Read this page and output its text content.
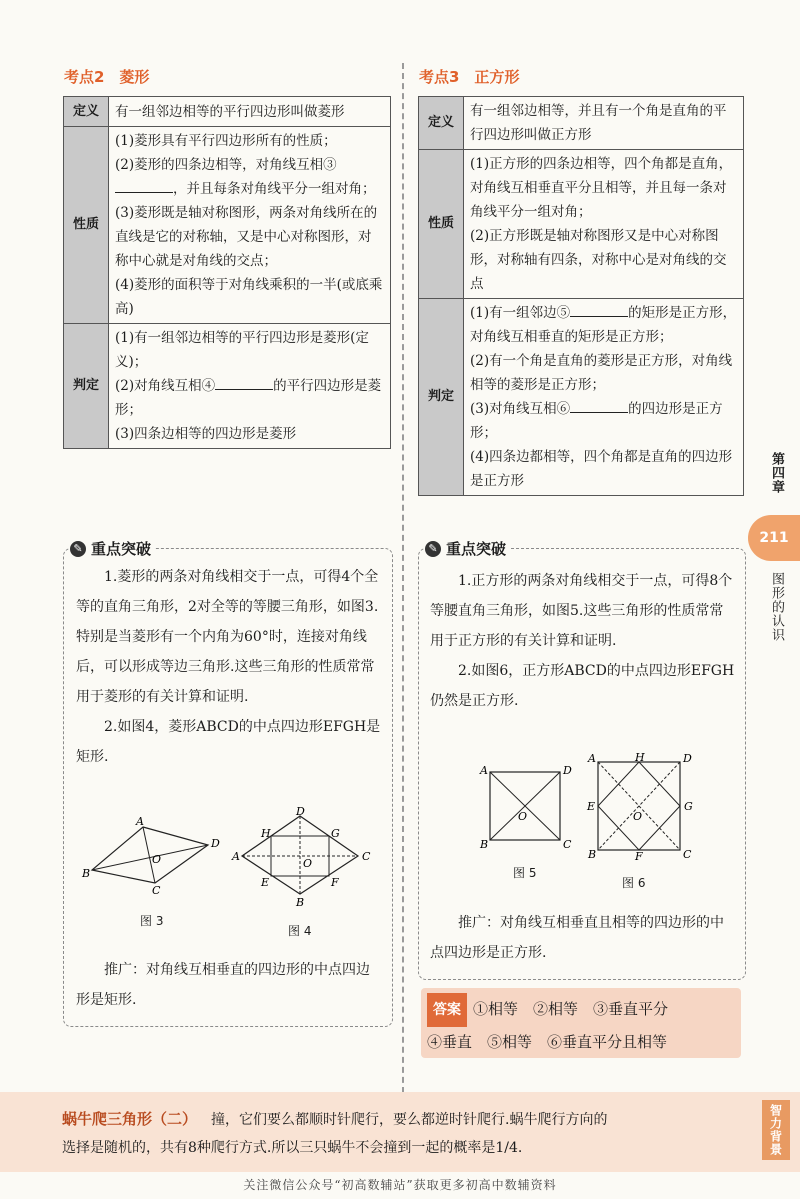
考点2　菱形	考点3　正方形
定义	有一组邻边相等的平行四边形叫做菱形
性质	(1)菱形具有平行四边形所有的性质；

(2)菱形的四条边相等，对角线互相③，并且每条对角线平分一组对角；

(3)菱形既是轴对称图形，两条对角线所在的直线是它的对称轴，又是中心对称图形，对称中心就是对角线的交点；

(4)菱形的面积等于对角线乘积的一半(或底乘高)

判定	(1)有一组邻边相等的平行四边形是菱形(定义)；

(2)对角线互相④ 的平行四边形是菱形；

(3)四条边相等的四边形是菱形

定义	有一组邻边相等，并且有一个角是直角的平行四边形叫做正方形
性质	(1)正方形的四条边相等，四个角都是直角，对角线互相垂直平分且相等，并且每一条对角线平分一组对角；

(2)正方形既是轴对称图形又是中心对称图形，对称轴有四条，对称中心是对角线的交点

判定	(1)有一组邻边⑤ 的矩形是正方形，对角线互相垂直的矩形是正方形；

(2)有一个角是直角的菱形是正方形，对角线相等的菱形是正方形；

(3)对角线互相⑥ 的四边形是正方形；

(4)四条边都相等，四个角都是直角的四边形是正方形

✎ 重点突破

1.菱形的两条对角线相交于一点，可得4个全等的直角三角形，2对全等的等腰三角形，如图3.特别是当菱形有一个内角为60°时，连接对角线后，可以形成等边三角形.这些三角形的性质常常用于菱形的有关计算和证明.

2.如图4，菱形ABCD的中点四边形EFGH是矩形.

A
D
C
B
O
图 3
D
C
B
A
H	G
E	F
O
图 4

推广：对角线互相垂直的四边形的中点四边形是矩形.

✎ 重点突破

1.正方形的两条对角线相交于一点，可得8个等腰直角三角形，如图5.这些三角形的性质常常用于正方形的有关计算和证明.

2.如图6，正方形ABCD的中点四边形EFGH仍然是正方形.

A	D
B	C
O
图 5
A	H	D
E	G
B	F	C
O
图 6

推广：对角线互相垂直且相等的四边形的中点四边形是正方形.

答案 ①相等　②相等　③垂直平分
④垂直　⑤相等　⑥垂直平分且相等
第四章
211
图形的认识
蜗牛爬三角形（二） 撞，它们要么都顺时针爬行，要么都逆时针爬行.蜗牛爬行方向的
选择是随机的，共有8种爬行方式.所以三只蜗牛不会撞到一起的概率是1/4.	智力背景
关注微信公众号“初高数辅站”获取更多初高中数辅资料
